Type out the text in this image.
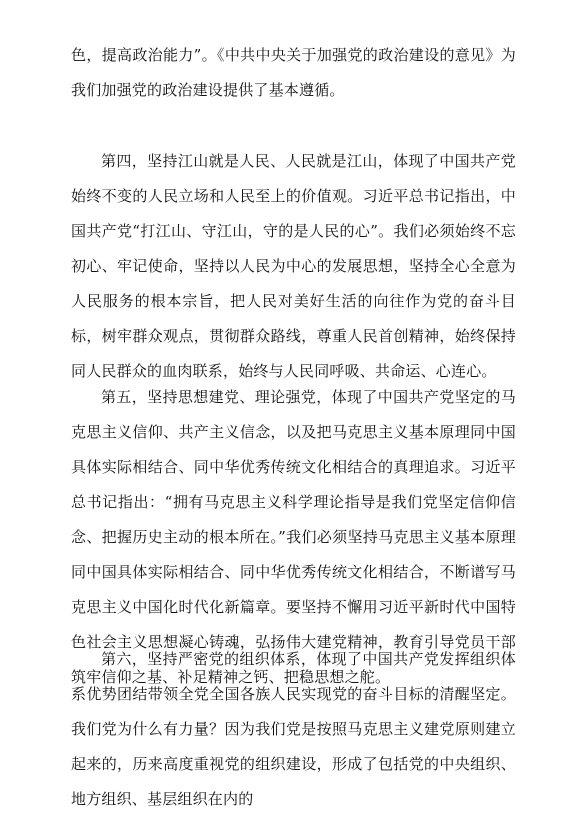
色，提高政治能力”。《中共中央关于加强党的政治建设的意见》为我们加强党的政治建设提供了基本遵循。

第四，坚持江山就是人民、人民就是江山，体现了中国共产党始终不变的人民立场和人民至上的价值观。习近平总书记指出，中国共产党“打江山、守江山，守的是人民的心”。我们必须始终不忘初心、牢记使命，坚持以人民为中心的发展思想，坚持全心全意为人民服务的根本宗旨，把人民对美好生活的向往作为党的奋斗目标，树牢群众观点，贯彻群众路线，尊重人民首创精神，始终保持同人民群众的血肉联系，始终与人民同呼吸、共命运、心连心。

第五，坚持思想建党、理论强党，体现了中国共产党坚定的马克思主义信仰、共产主义信念，以及把马克思主义基本原理同中国具体实际相结合、同中华优秀传统文化相结合的真理追求。习近平总书记指出：“拥有马克思主义科学理论指导是我们党坚定信仰信念、把握历史主动的根本所在。”我们必须坚持马克思主义基本原理同中国具体实际相结合、同中华优秀传统文化相结合，不断谱写马克思主义中国化时代化新篇章。要坚持不懈用习近平新时代中国特色社会主义思想凝心铸魂，弘扬伟大建党精神，教育引导党员干部筑牢信仰之基、补足精神之钙、把稳思想之舵。

第六，坚持严密党的组织体系，体现了中国共产党发挥组织体系优势团结带领全党全国各族人民实现党的奋斗目标的清醒坚定。我们党为什么有力量？因为我们党是按照马克思主义建党原则建立起来的，历来高度重视党的组织建设，形成了包括党的中央组织、地方组织、基层组织在内的
